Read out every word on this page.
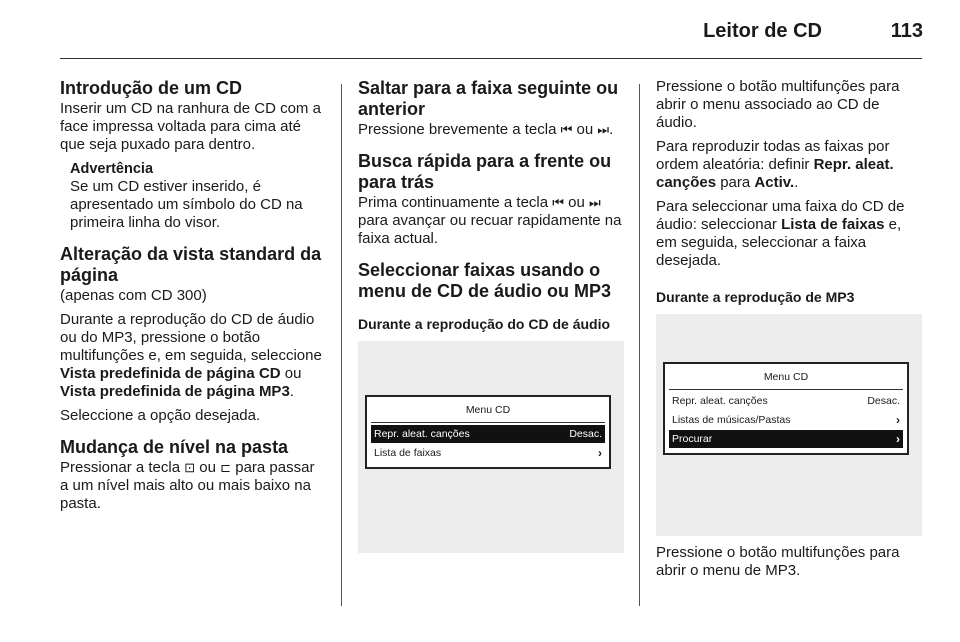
Leitor de CD	113
Introdução de um CD

Inserir um CD na ranhura de CD com a face impressa voltada para cima até que seja puxado para dentro.

Advertência
Se um CD estiver inserido, é apresentado um símbolo do CD na primeira linha do visor.
Alteração da vista standard da página

(apenas com CD 300)

Durante a reprodução do CD de áudio ou do MP3, pressione o botão multifunções e, em seguida, seleccione Vista predefinida de página CD ou Vista predefinida de página MP3.

Seleccione a opção desejada.

Mudança de nível na pasta

Pressionar a tecla ⊡ ou ⊏ para passar a um nível mais alto ou mais baixo na pasta.

Saltar para a faixa seguinte ou anterior

Pressione brevemente a tecla ⏮ ou ⏭.

Busca rápida para a frente ou para trás

Prima continuamente a tecla ⏮ ou ⏭ para avançar ou recuar rapidamente na faixa actual.

Seleccionar faixas usando o menu de CD de áudio ou MP3
Durante a reprodução do CD de áudio
Menu CD
Repr. aleat. canções	Desac.
Lista de faixas	›

Pressione o botão multifunções para abrir o menu associado ao CD de áudio.

Para reproduzir todas as faixas por ordem aleatória: definir Repr. aleat. canções para Activ..

Para seleccionar uma faixa do CD de áudio: seleccionar Lista de faixas e, em seguida, seleccionar a faixa desejada.

Durante a reprodução de MP3
Menu CD
Repr. aleat. canções	Desac.
Listas de músicas/Pastas	›
Procurar	›

Pressione o botão multifunções para abrir o menu de MP3.
